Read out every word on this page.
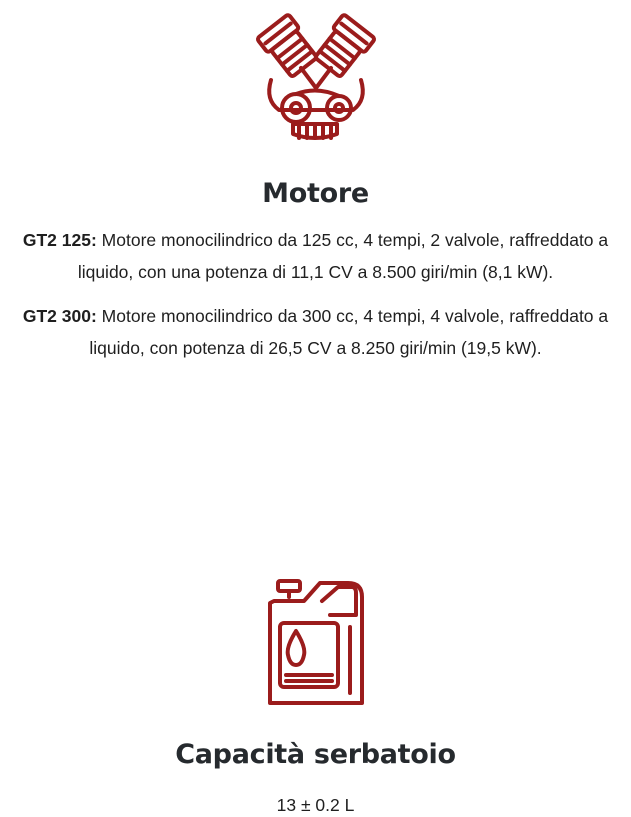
Motore

GT2 125: Motore monocilindrico da 125 cc, 4 tempi, 2 valvole, raffreddato a liquido, con una potenza di 11,1 CV a 8.500 giri/min (8,1 kW).

GT2 300: Motore monocilindrico da 300 cc, 4 tempi, 4 valvole, raffreddato a liquido, con potenza di 26,5 CV a 8.250 giri/min (19,5 kW).

Capacità serbatoio
13 ± 0.2 L
